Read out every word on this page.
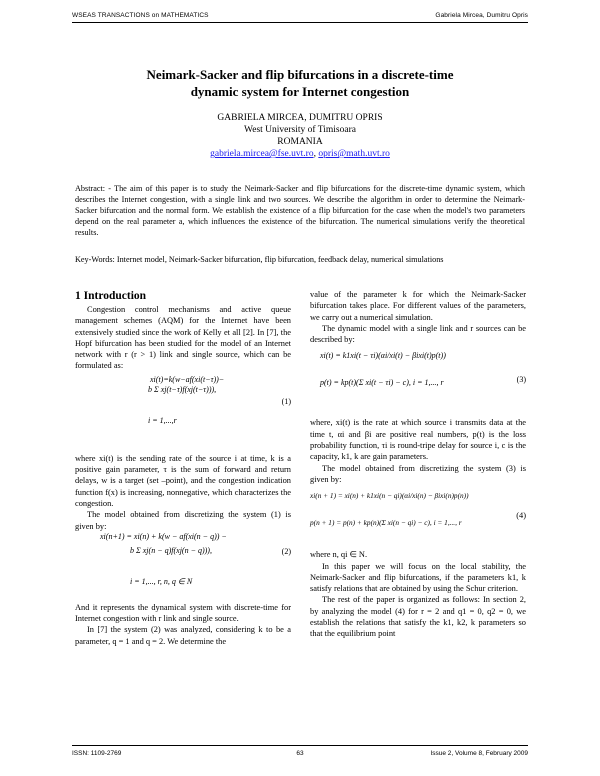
WSEAS TRANSACTIONS on MATHEMATICS	Gabriela Mircea, Dumitru Opris
Neimark-Sacker and flip bifurcations in a discrete-time
dynamic system for Internet congestion
GABRIELA MIRCEA, DUMITRU OPRIS
West University of Timisoara
ROMANIA
gabriela.mircea@fse.uvt.ro, opris@math.uvt.ro
Abstract: - The aim of this paper is to study the Neimark-Sacker and flip bifurcations for the discrete-time dynamic system, which describes the Internet congestion, with a single link and two sources. We describe the algorithm in order to determine the Neimark-Sacker bifurcation and the normal form. We establish the existence of a flip bifurcation for the case when the model's two parameters depend on the real parameter a, which influences the existence of the bifurcation. The numerical simulations verify the theoretical results.
Key-Words: Internet model, Neimark-Sacker bifurcation, flip bifurcation, feedback delay, numerical simulations
1 Introduction

Congestion control mechanisms and active queue management schemes (AQM) for the Internet have been extensively studied since the work of Kelly et all [2]. In [7], the Hopf bifurcation has been studied for the model of an Internet network with r (r > 1) link and single source, which can be formulated as:

xi(t)=k(w−af(xi(t−τ))−
b Σ xj(t−τ)f(xj(t−τ))),
i = 1,...,r
(1)

where xi(t) is the sending rate of the source i at time, k is a positive gain parameter, τ is the sum of forward and return delays, w is a target (set –point), and the congestion indication function f(x) is increasing, nonnegative, which characterizes the congestion.

The model obtained from discretizing the system (1) is given by:

xi(n+1) = xi(n) + k(w − af(xi(n − q)) −
b Σ xj(n − q)f(xj(n − q))),
i = 1,..., r, n, q ∈ N
(2)

And it represents the dynamical system with discrete-time for Internet congestion with r link and single source.

In [7] the system (2) was analyzed, considering k to be a parameter, q = 1 and q = 2. We determine the

value of the parameter k for which the Neimark-Sacker bifurcation takes place. For different values of the parameters, we carry out a numerical simulation.

The dynamic model with a single link and r sources can be described by:

xi(t) = k1xi(t − τi)(αi/xi(t) − βixi(t)p(t))
p(t) = kp(t)(Σ xi(t − τi) − c), i = 1,..., r	(3)

where, xi(t) is the rate at which source i transmits data at the time t, αi and βi are positive real numbers, p(t) is the loss probability function, τi is round-tripe delay for source i, c is the capacity, k1, k are gain parameters.

The model obtained from discretizing the system (3) is given by:

xi(n + 1) = xi(n) + k1xi(n − qi)(αi/xi(n) − βixi(n)p(n))
p(n + 1) = p(n) + kp(n)(Σ xi(n − qi) − c), i = 1,..., r
(4)

where n, qi ∈ N.

In this paper we will focus on the local stability, the Neimark-Sacker and flip bifurcations, if the parameters k1, k satisfy relations that are obtained by using the Schur criterion.

The rest of the paper is organized as follows: In section 2, by analyzing the model (4) for r = 2 and q1 = 0, q2 = 0, we establish the relations that satisfy the k1, k2, k parameters so that the equilibrium point

ISSN: 1109-2769	63	Issue 2, Volume 8, February 2009
